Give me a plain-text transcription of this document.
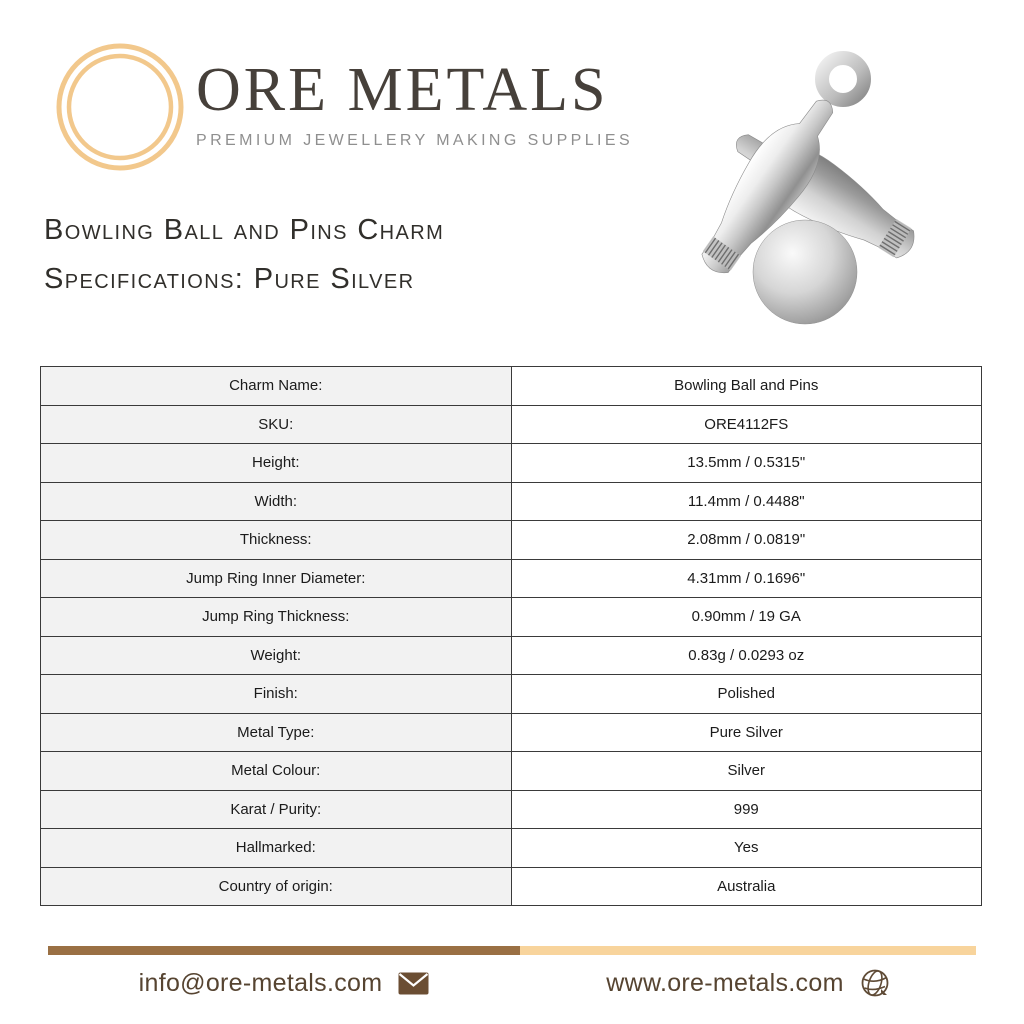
ORE METALS
PREMIUM JEWELLERY MAKING SUPPLIES
Bowling Ball and Pins Charm
Specifications: Pure Silver
Charm Name:	Bowling Ball and Pins
SKU:	ORE4112FS
Height:	13.5mm / 0.5315"
Width:	11.4mm / 0.4488"
Thickness:	2.08mm / 0.0819"
Jump Ring Inner Diameter:	4.31mm / 0.1696"
Jump Ring Thickness:	0.90mm / 19 GA
Weight:	0.83g / 0.0293 oz
Finish:	Polished
Metal Type:	Pure Silver
Metal Colour:	Silver
Karat / Purity:	999
Hallmarked:	Yes
Country of origin:	Australia
info@ore-metals.com	www.ore-metals.com
